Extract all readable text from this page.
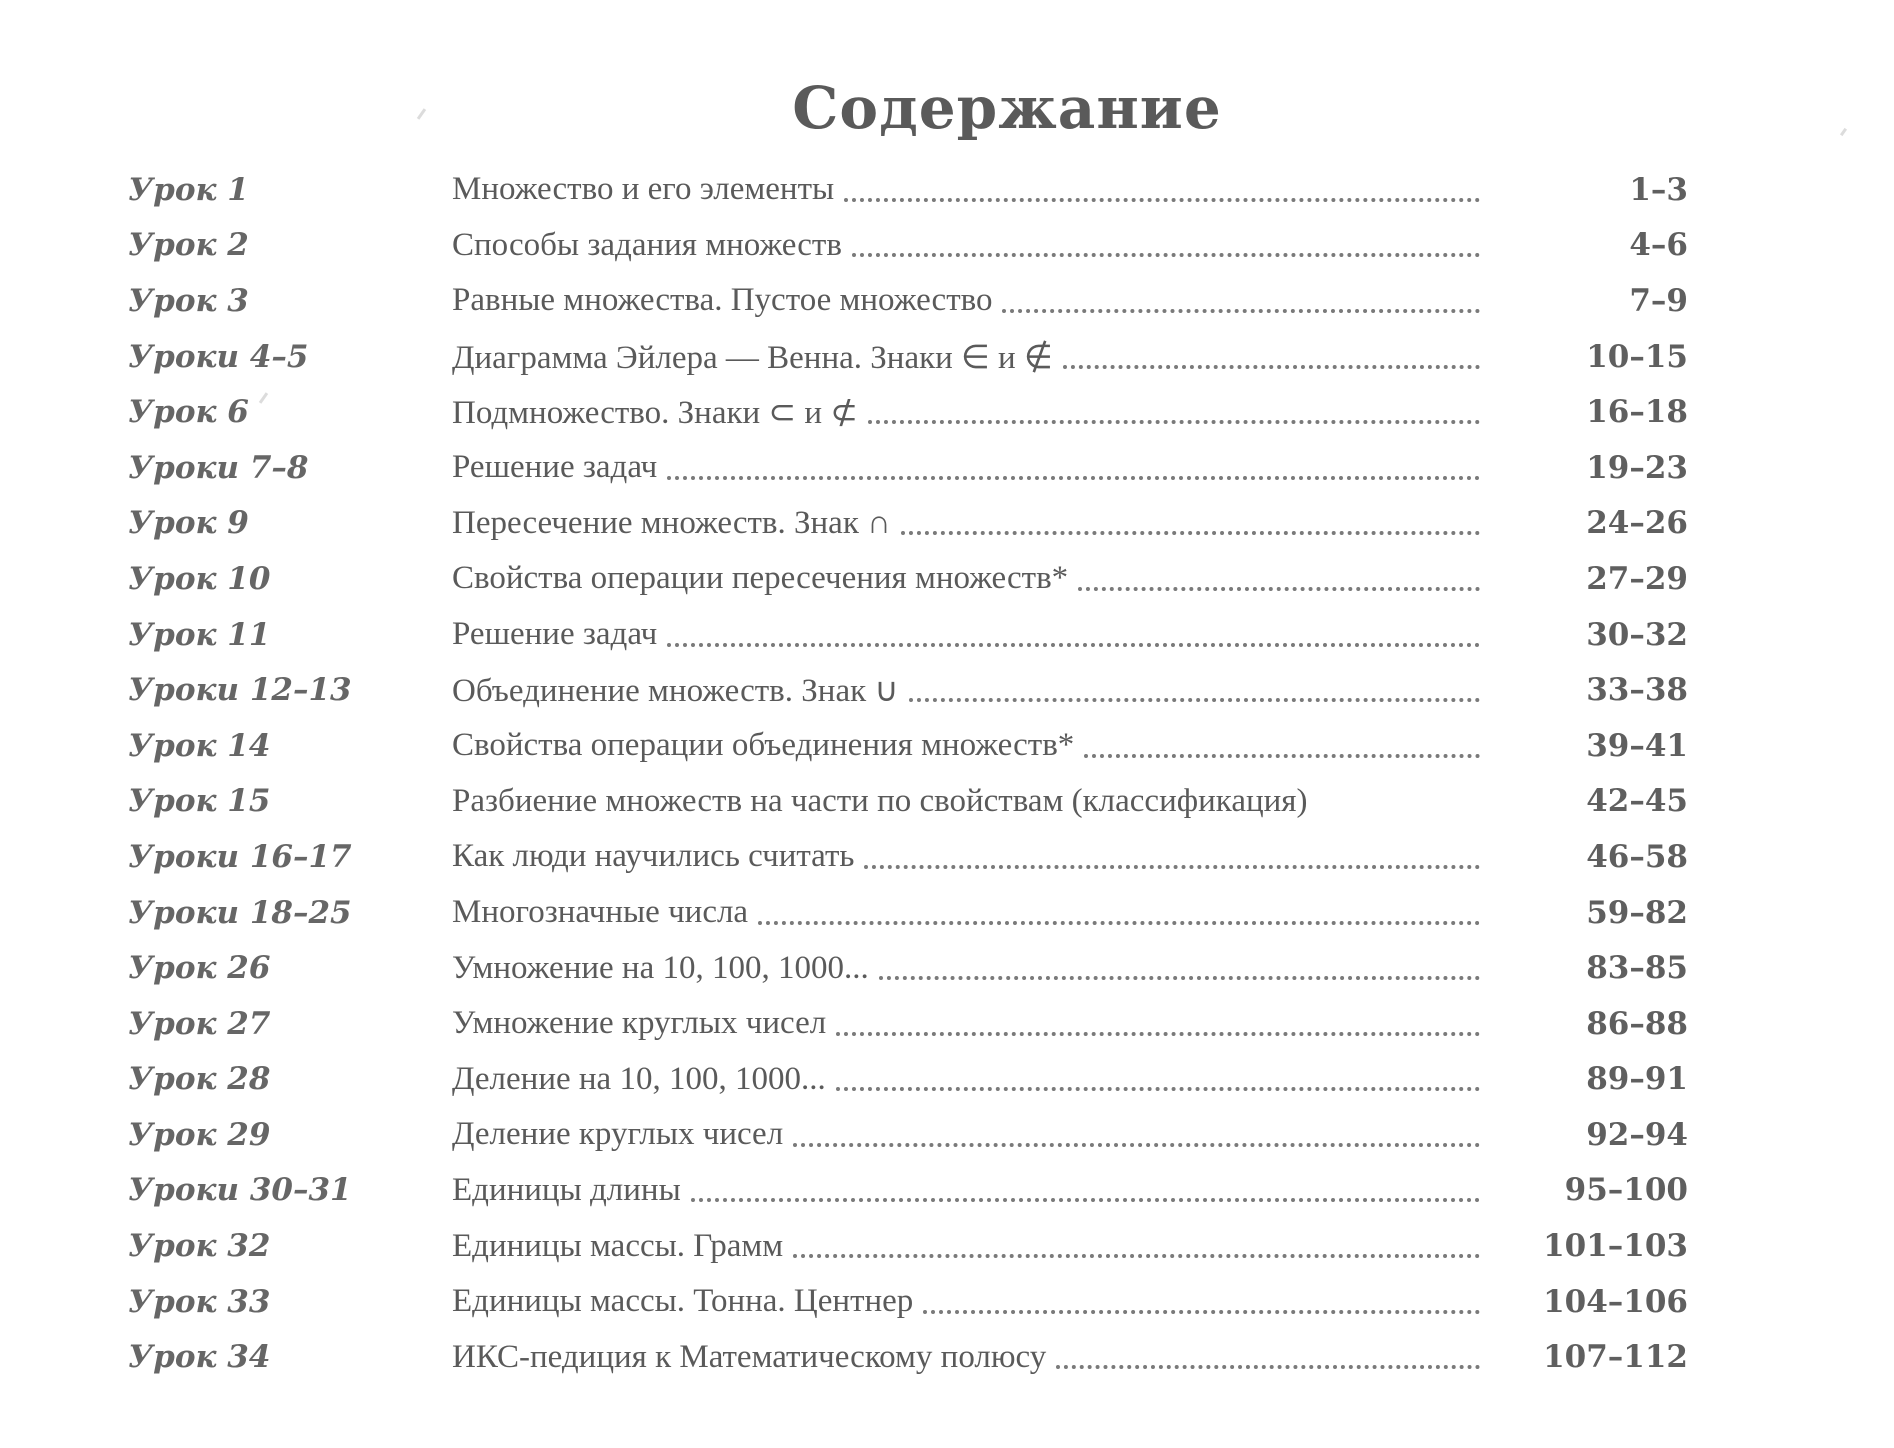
Содержание
Урок 1	Множество и его элементы	1–3
Урок 2	Способы задания множеств	4–6
Урок 3	Равные множества. Пустое множество	7–9
Уроки 4–5	Диаграмма Эйлера — Венна. Знаки ∈ и ∉	10–15
Урок 6	Подмножество. Знаки ⊂ и ⊄	16–18
Уроки 7–8	Решение задач	19–23
Урок 9	Пересечение множеств. Знак ∩	24–26
Урок 10	Свойства операции пересечения множеств*	27–29
Урок 11	Решение задач	30–32
Уроки 12–13	Объединение множеств. Знак ∪	33–38
Урок 14	Свойства операции объединения множеств*	39–41
Урок 15	Разбиение множеств на части по свойствам (классификация)	42–45
Уроки 16–17	Как люди научились считать	46–58
Уроки 18–25	Многозначные числа	59–82
Урок 26	Умножение на 10, 100, 1000...	83–85
Урок 27	Умножение круглых чисел	86–88
Урок 28	Деление на 10, 100, 1000...	89–91
Урок 29	Деление круглых чисел	92–94
Уроки 30–31	Единицы длины	95–100
Урок 32	Единицы массы. Грамм	101–103
Урок 33	Единицы массы. Тонна. Центнер	104–106
Урок 34	ИКС-педиция к Математическому полюсу	107–112
